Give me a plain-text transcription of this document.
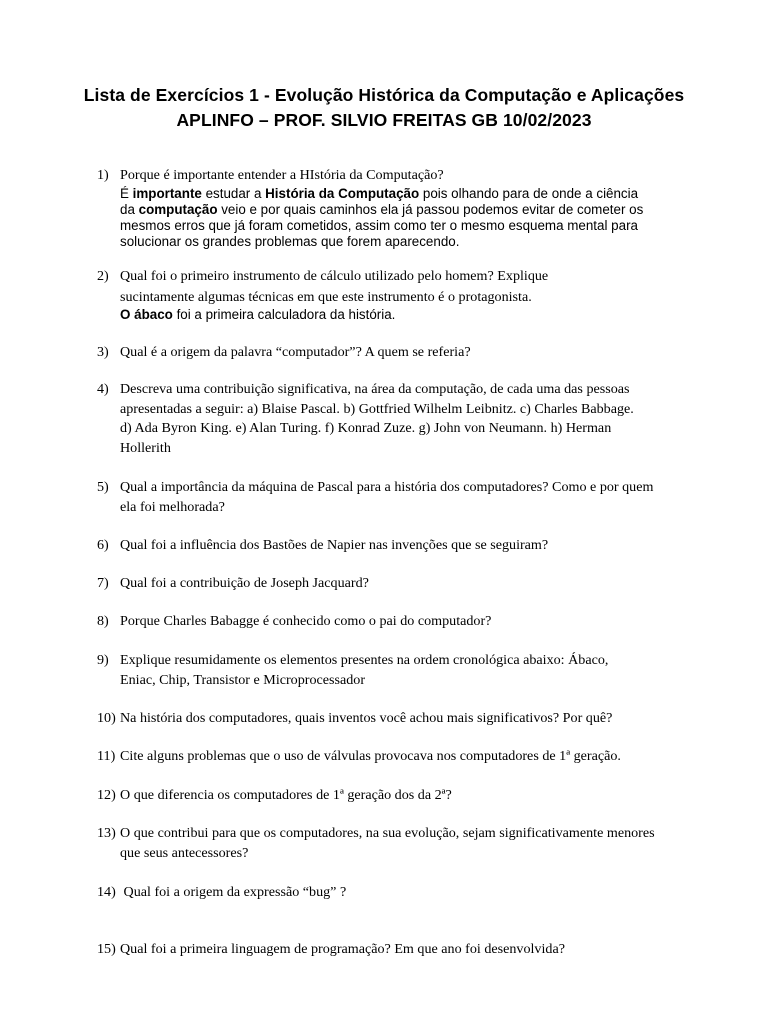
Lista de Exercícios 1 - Evolução Histórica da Computação e Aplicações
APLINFO – PROF. SILVIO FREITAS GB 10/02/2023
1) Porque é importante entender a HIstória da Computação?
É importante estudar a História da Computação pois olhando para de onde a ciência
da computação veio e por quais caminhos ela já passou podemos evitar de cometer os
mesmos erros que já foram cometidos, assim como ter o mesmo esquema mental para
solucionar os grandes problemas que forem aparecendo.
2) Qual foi o primeiro instrumento de cálculo utilizado pelo homem? Explique
sucintamente algumas técnicas em que este instrumento é o protagonista.
O ábaco foi a primeira calculadora da história.
3) Qual é a origem da palavra “computador”? A quem se referia?
4) Descreva uma contribuição significativa, na área da computação, de cada uma das pessoas
apresentadas a seguir: a) Blaise Pascal. b) Gottfried Wilhelm Leibnitz. c) Charles Babbage.
d) Ada Byron King. e) Alan Turing. f) Konrad Zuze. g) John von Neumann. h) Herman
Hollerith
5) Qual a importância da máquina de Pascal para a história dos computadores? Como e por quem
ela foi melhorada?
6) Qual foi a influência dos Bastões de Napier nas invenções que se seguiram?
7) Qual foi a contribuição de Joseph Jacquard?
8) Porque Charles Babagge é conhecido como o pai do computador?
9) Explique resumidamente os elementos presentes na ordem cronológica abaixo: Ábaco,
Eniac, Chip, Transistor e Microprocessador
10) Na história dos computadores, quais inventos você achou mais significativos? Por quê?
11) Cite alguns problemas que o uso de válvulas provocava nos computadores de 1ª geração.
12) O que diferencia os computadores de 1ª geração dos da 2ª?
13) O que contribui para que os computadores, na sua evolução, sejam significativamente menores
que seus antecessores?
14) Qual foi a origem da expressão “bug” ?
15) Qual foi a primeira linguagem de programação? Em que ano foi desenvolvida?
